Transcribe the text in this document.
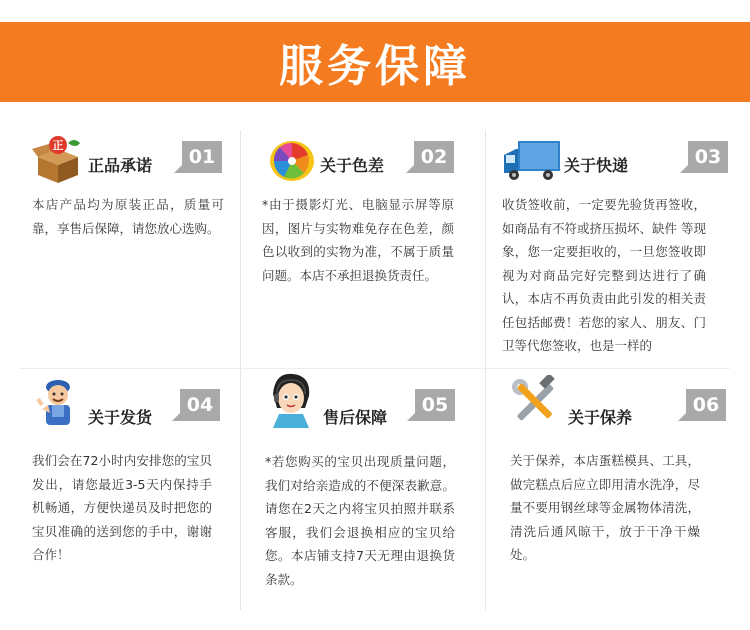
服务保障
正
正品承诺	01
本店产品均为原装正品，质量可靠，享售后保障，请您放心选购。
关于色差	02
*由于摄影灯光、电脑显示屏等原因，图片与实物难免存在色差，颜色以收到的实物为准，不属于质量问题。本店不承担退换货责任。
关于快递	03
收货签收前，一定要先验货再签收，如商品有不符或挤压损坏、缺件 等现象，您一定要拒收的，一旦您签收即视为对商品完好完整到达进行了确认，本店不再负责由此引发的相关责任包括邮费！若您的家人、朋友、门卫等代您签收，也是一样的
关于发货
04
我们会在72小时内安排您的宝贝发出，请您最近3-5天内保持手机畅通，方便快递员及时把您的宝贝准确的送到您的手中，谢谢合作！
售后保障
05
*若您购买的宝贝出现质量问题，我们对给亲造成的不便深表歉意。请您在2天之内将宝贝拍照并联系客服，我们会退换相应的宝贝给您。本店铺支持7天无理由退换货条款。
关于保养
06
关于保养，本店蛋糕模具、工具，做完糕点后应立即用清水洗净，尽量不要用钢丝球等金属物体清洗，清洗后通风晾干，放于干净干燥处。
